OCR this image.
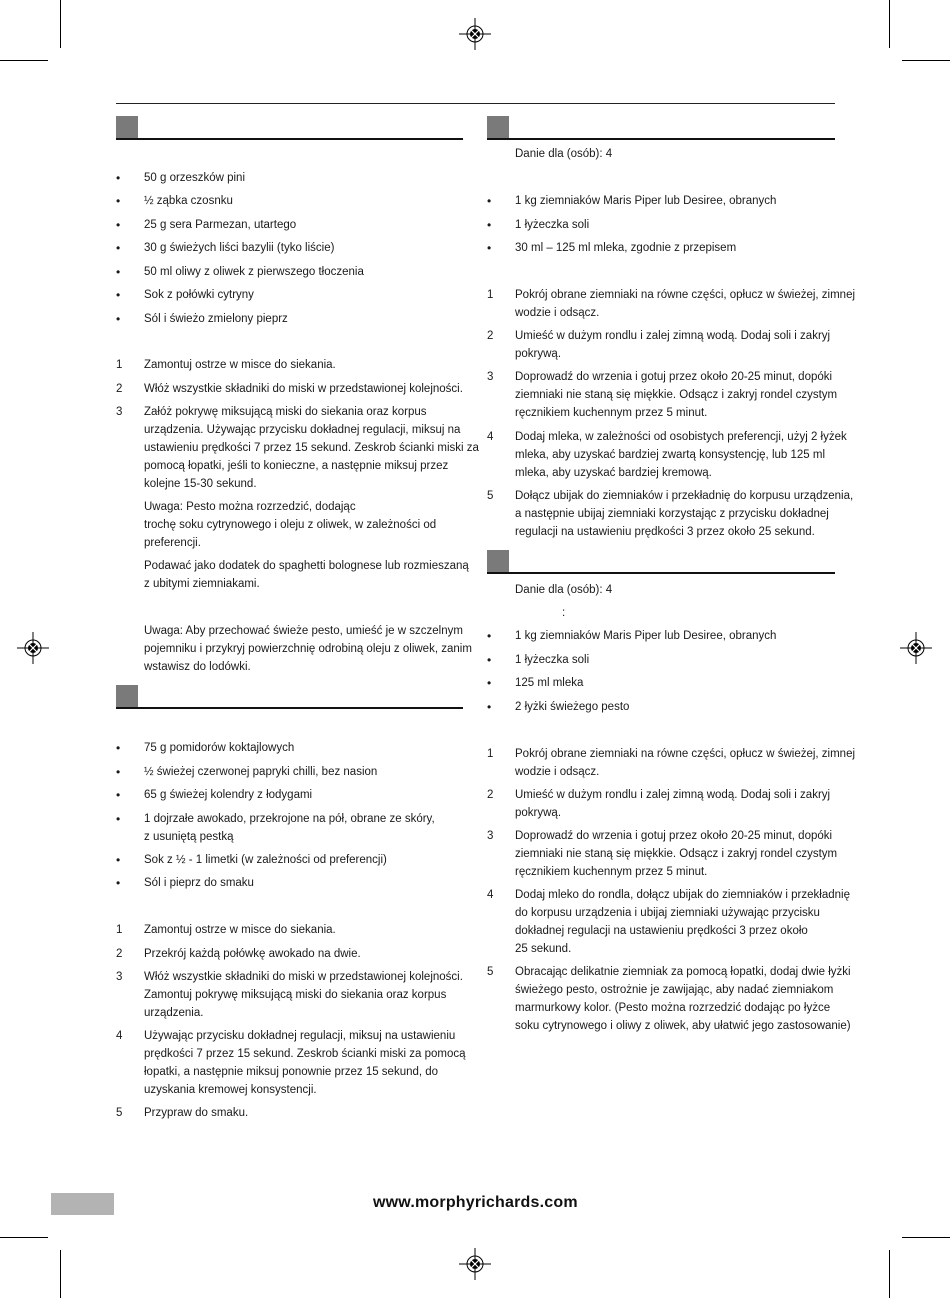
• 50 g orzeszków pini
• ½ ząbka czosnku
• 25 g sera Parmezan, utartego
• 30 g świeżych liści bazylii (tyko liście)
• 50 ml oliwy z oliwek z pierwszego tłoczenia
• Sok z połówki cytryny
• Sól i świeżo zmielony pieprz
1 Zamontuj ostrze w misce do siekania.
2 Włóż wszystkie składniki do miski w przedstawionej kolejności.
3 Załóż pokrywę miksującą miski do siekania oraz korpus
urządzenia. Używając przycisku dokładnej regulacji, miksuj na
ustawieniu prędkości 7 przez 15 sekund. Zeskrob ścianki miski za
pomocą łopatki, jeśli to konieczne, a następnie miksuj przez
kolejne 15-30 sekund.
Uwaga: Pesto można rozrzedzić, dodając
trochę soku cytrynowego i oleju z oliwek, w zależności od
preferencji.
Podawać jako dodatek do spaghetti bolognese lub rozmieszaną
z ubitymi ziemniakami.
Uwaga: Aby przechować świeże pesto, umieść je w szczelnym
pojemniku i przykryj powierzchnię odrobiną oleju z oliwek, zanim
wstawisz do lodówki.
• 75 g pomidorów koktajlowych
• ½ świeżej czerwonej papryki chilli, bez nasion
• 65 g świeżej kolendry z łodygami
• 1 dojrzałe awokado, przekrojone na pół, obrane ze skóry,
z usuniętą pestką
• Sok z ½ - 1 limetki (w zależności od preferencji)
• Sól i pieprz do smaku
1 Zamontuj ostrze w misce do siekania.
2 Przekrój każdą połówkę awokado na dwie.
3 Włóż wszystkie składniki do miski w przedstawionej kolejności.
Zamontuj pokrywę miksującą miski do siekania oraz korpus
urządzenia.
4 Używając przycisku dokładnej regulacji, miksuj na ustawieniu
prędkości 7 przez 15 sekund. Zeskrob ścianki miski za pomocą
łopatki, a następnie miksuj ponownie przez 15 sekund, do
uzyskania kremowej konsystencji.
5 Przypraw do smaku.
Danie dla (osób): 4
• 1 kg ziemniaków Maris Piper lub Desiree, obranych
• 1 łyżeczka soli
• 30 ml – 125 ml mleka, zgodnie z przepisem
1 Pokrój obrane ziemniaki na równe części, opłucz w świeżej, zimnej
wodzie i odsącz.
2 Umieść w dużym rondlu i zalej zimną wodą. Dodaj soli i zakryj
pokrywą.
3 Doprowadź do wrzenia i gotuj przez około 20-25 minut, dopóki
ziemniaki nie staną się miękkie. Odsącz i zakryj rondel czystym
ręcznikiem kuchennym przez 5 minut.
4 Dodaj mleka, w zależności od osobistych preferencji, użyj 2 łyżek
mleka, aby uzyskać bardziej zwartą konsystencję, lub 125 ml
mleka, aby uzyskać bardziej kremową.
5 Dołącz ubijak do ziemniaków i przekładnię do korpusu urządzenia,
a następnie ubijaj ziemniaki korzystając z przycisku dokładnej
regulacji na ustawieniu prędkości 3 przez około 25 sekund.
Danie dla (osób): 4
:
• 1 kg ziemniaków Maris Piper lub Desiree, obranych
• 1 łyżeczka soli
• 125 ml mleka
• 2 łyżki świeżego pesto
1 Pokrój obrane ziemniaki na równe części, opłucz w świeżej, zimnej
wodzie i odsącz.
2 Umieść w dużym rondlu i zalej zimną wodą. Dodaj soli i zakryj
pokrywą.
3 Doprowadź do wrzenia i gotuj przez około 20-25 minut, dopóki
ziemniaki nie staną się miękkie. Odsącz i zakryj rondel czystym
ręcznikiem kuchennym przez 5 minut.
4 Dodaj mleko do rondla, dołącz ubijak do ziemniaków i przekładnię
do korpusu urządzenia i ubijaj ziemniaki używając przycisku
dokładnej regulacji na ustawieniu prędkości 3 przez około
25 sekund.
5 Obracając delikatnie ziemniak za pomocą łopatki, dodaj dwie łyżki
świeżego pesto, ostrożnie je zawijając, aby nadać ziemniakom
marmurkowy kolor. (Pesto można rozrzedzić dodając po łyżce
soku cytrynowego i oliwy z oliwek, aby ułatwić jego zastosowanie)
www.morphyrichards.com
